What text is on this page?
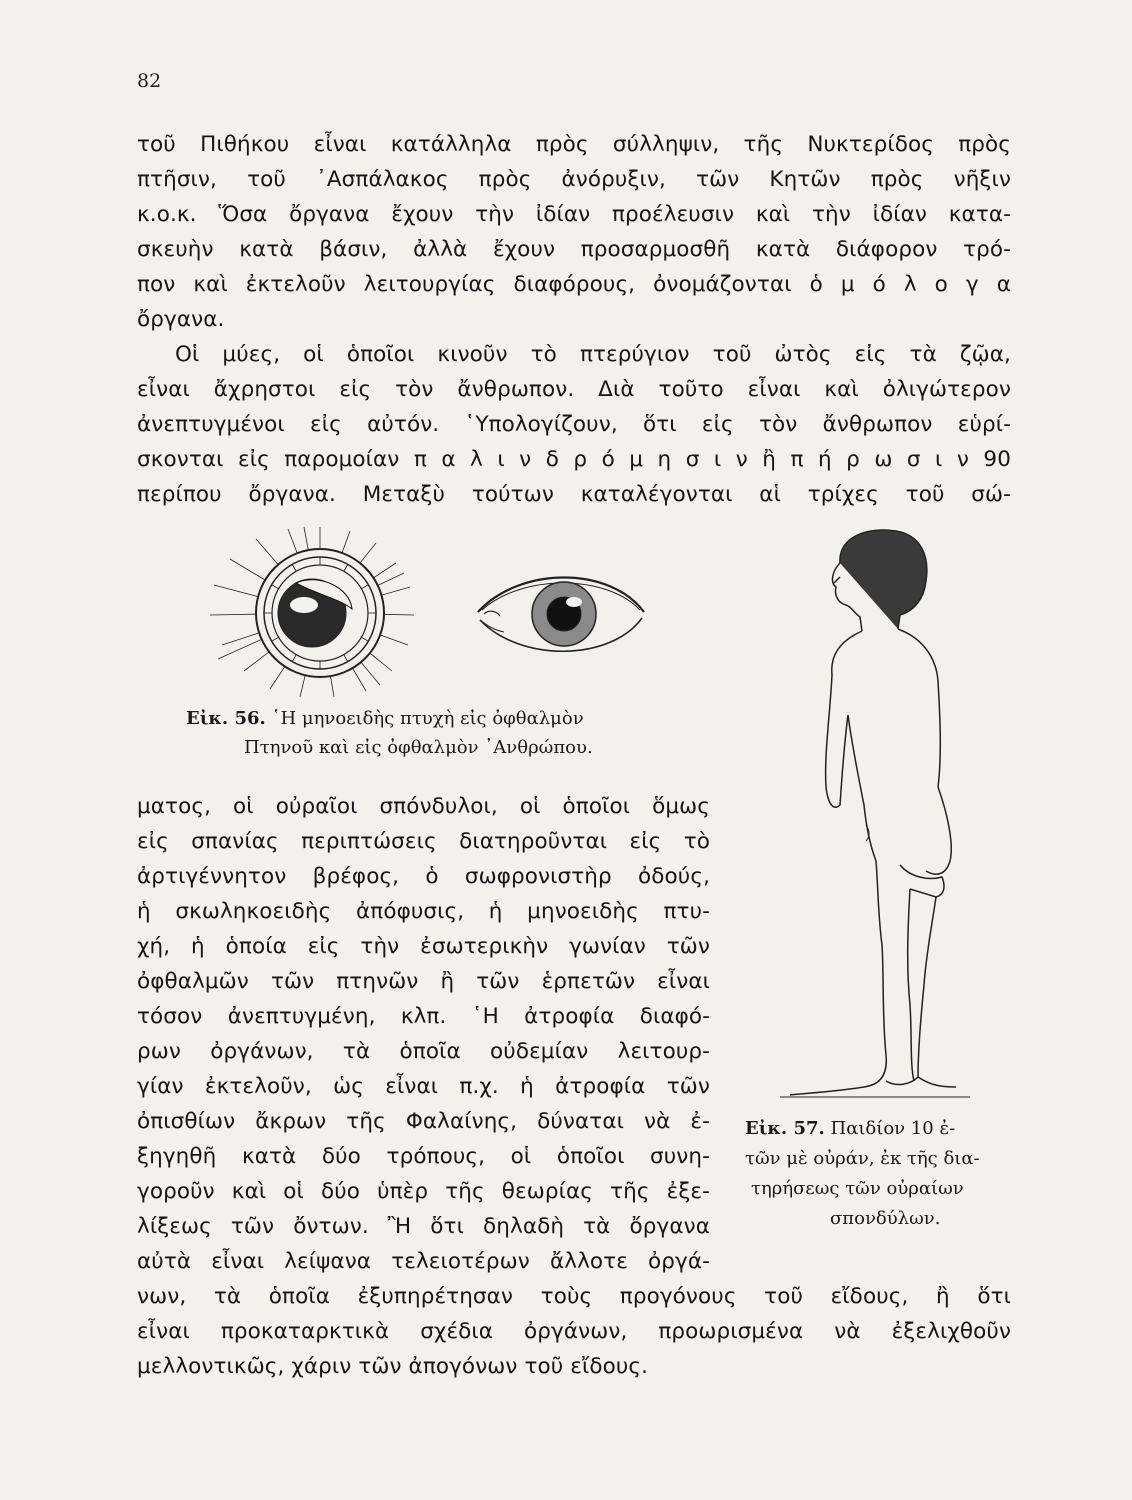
82
τοῦ Πιθήκου εἶναι κατάλληλα πρὸς σύλληψιν, τῆς Νυκτερίδος πρὸς
πτῆσιν, τοῦ ᾿Ασπάλακος πρὸς ἀνόρυξιν, τῶν Κητῶν πρὸς νῆξιν
κ.ο.κ. Ὅσα ὄργανα ἔχουν τὴν ἰδίαν προέλευσιν καὶ τὴν ἰδίαν κατα-
σκευὴν κατὰ βάσιν, ἀλλὰ ἔχουν προσαρμοσθῆ κατὰ διάφορον τρό-
πον καὶ ἐκτελοῦν λειτουργίας διαφόρους, ὀνομάζονται ὁ μ ό λ ο γ α
ὄργανα.
Οἱ μύες, οἱ ὁποῖοι κινοῦν τὸ πτερύγιον τοῦ ὠτὸς εἰς τὰ ζῷα,
εἶναι ἄχρηστοι εἰς τὸν ἄνθρωπον. Διὰ τοῦτο εἶναι καὶ ὀλιγώτερον
ἀνεπτυγμένοι εἰς αὐτόν. ῾Υπολογίζουν, ὅτι εἰς τὸν ἄνθρωπον εὑρί-
σκονται εἰς παρομοίαν π α λ ι ν δ ρ ό μ η σ ι ν ἢ π ή ρ ω σ ι ν 90
περίπου ὄργανα. Μεταξὺ τούτων καταλέγονται αἱ τρίχες τοῦ σώ-
Εἰκ. 56. ῾Η μηνοειδὴς πτυχὴ εἰς ὀφθαλμὸν
Πτηνοῦ καὶ εἰς ὀφθαλμὸν ᾿Ανθρώπου.
ματος, οἱ οὐραῖοι σπόνδυλοι, οἱ ὁποῖοι ὅμως
εἰς σπανίας περιπτώσεις διατηροῦνται εἰς τὸ
ἀρτιγέννητον βρέφος, ὁ σωφρονιστὴρ ὀδούς,
ἡ σκωληκοειδὴς ἀπόφυσις, ἡ μηνοειδὴς πτυ-
χή, ἡ ὁποία εἰς τὴν ἐσωτερικὴν γωνίαν τῶν
ὀφθαλμῶν τῶν πτηνῶν ἢ τῶν ἑρπετῶν εἶναι
τόσον ἀνεπτυγμένη, κλπ. ῾Η ἀτροφία διαφό-
ρων ὀργάνων, τὰ ὁποῖα οὐδεμίαν λειτουρ-
γίαν ἐκτελοῦν, ὡς εἶναι π.χ. ἡ ἀτροφία τῶν
ὀπισθίων ἄκρων τῆς Φαλαίνης, δύναται νὰ ἐ-
ξηγηθῆ κατὰ δύο τρόπους, οἱ ὁποῖοι συνη-
γοροῦν καὶ οἱ δύο ὑπὲρ τῆς θεωρίας τῆς ἐξε-
λίξεως τῶν ὄντων. Ἢ ὅτι δηλαδὴ τὰ ὄργανα
αὐτὰ εἶναι λείψανα τελειοτέρων ἄλλοτε ὀργά-
Εἰκ. 57. Παιδίον 10 ἐ-
τῶν μὲ οὐράν, ἐκ τῆς δια-
τηρήσεως τῶν οὐραίων
σπονδύλων.
νων, τὰ ὁποῖα ἐξυπηρέτησαν τοὺς προγόνους τοῦ εἴδους, ἢ ὅτι
εἶναι προκαταρκτικὰ σχέδια ὀργάνων, προωρισμένα νὰ ἐξελιχθοῦν
μελλοντικῶς, χάριν τῶν ἀπογόνων τοῦ εἴδους.
